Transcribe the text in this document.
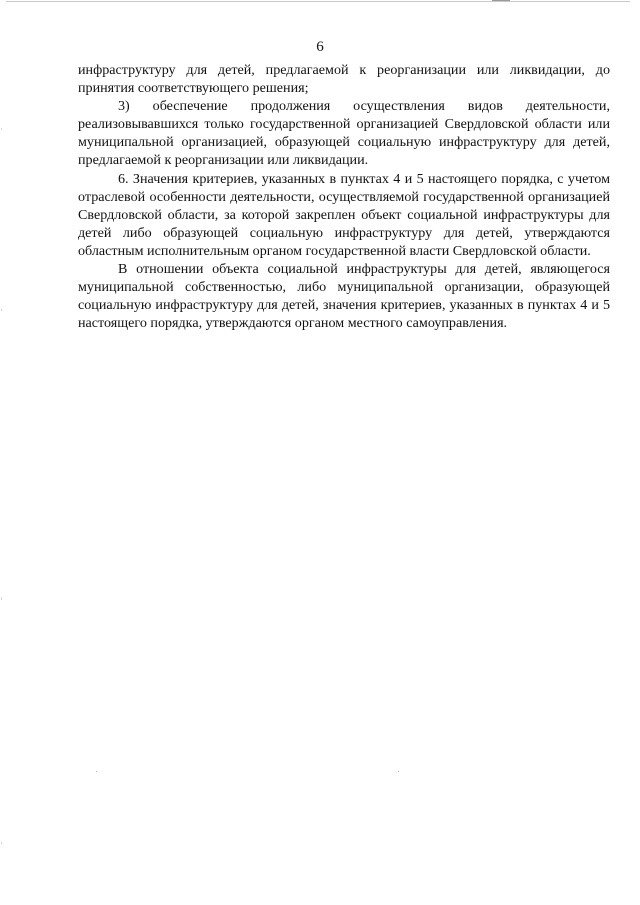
6

инфраструктуру для детей, предлагаемой к реорганизации или ликвидации, до принятия соответствующего решения;

3) обеспечение продолжения осуществления видов деятельности, реализовывавшихся только государственной организацией Свердловской области или муниципальной организацией, образующей социальную инфраструктуру для детей, предлагаемой к реорганизации или ликвидации.

6. Значения критериев, указанных в пунктах 4 и 5 настоящего порядка, с учетом отраслевой особенности деятельности, осуществляемой государственной организацией Свердловской области, за которой закреплен объект социальной инфраструктуры для детей либо образующей социальную инфраструктуру для детей, утверждаются областным исполнительным органом государственной власти Свердловской области.

В отношении объекта социальной инфраструктуры для детей, являющегося муниципальной собственностью, либо муниципальной организации, образующей социальную инфраструктуру для детей, значения критериев, указанных в пунктах 4 и 5 настоящего порядка, утверждаются органом местного самоуправления.
